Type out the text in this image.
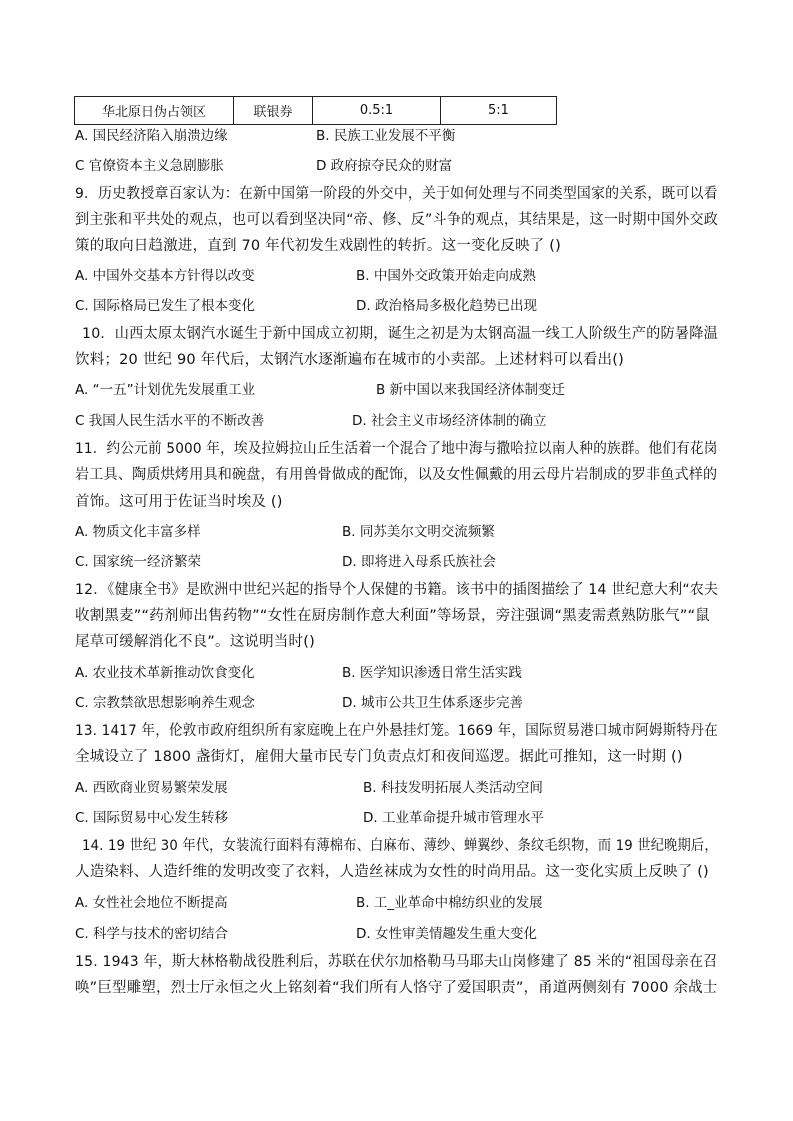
华北原日伪占领区	联银券	0.5:1	5:1
A. 国民经济陷入崩溃边缘	B. 民族工业发展不平衡
C 官僚资本主义急剧膨胀	D 政府掠夺民众的财富
9．历史教授章百家认为：在新中国第一阶段的外交中，关于如何处理与不同类型国家的关系，既可以看
到主张和平共处的观点，也可以看到坚决同“帝、修、反”斗争的观点，其结果是，这一时期中国外交政
策的取向日趋激进，直到 70 年代初发生戏剧性的转折。这一变化反映了 ()
A. 中国外交基本方针得以改变	B. 中国外交政策开始走向成熟
C. 国际格局已发生了根本变化	D. 政治格局多极化趋势已出现
10．山西太原太钢汽水诞生于新中国成立初期，诞生之初是为太钢高温一线工人阶级生产的防暑降温
饮料；20 世纪 90 年代后，太钢汽水逐渐遍布在城市的小卖部。上述材料可以看出()
A. “一五”计划优先发展重工业	B 新中国以来我国经济体制变迁
C 我国人民生活水平的不断改善	D. 社会主义市场经济体制的确立
11．约公元前 5000 年，埃及拉姆拉山丘生活着一个混合了地中海与撒哈拉以南人种的族群。他们有花岗
岩工具、陶质烘烤用具和碗盘，有用兽骨做成的配饰，以及女性佩戴的用云母片岩制成的罗非鱼式样的
首饰。这可用于佐证当时埃及 ()
A. 物质文化丰富多样	B. 同苏美尔文明交流频繁
C. 国家统一经济繁荣	D. 即将进入母系氏族社会
12．《健康全书》是欧洲中世纪兴起的指导个人保健的书籍。该书中的插图描绘了 14 世纪意大利“农夫
收割黑麦”“药剂师出售药物”“女性在厨房制作意大利面”等场景，旁注强调“黑麦需煮熟防胀气”“鼠
尾草可缓解消化不良”。这说明当时()
A. 农业技术革新推动饮食变化	B. 医学知识渗透日常生活实践
C. 宗教禁欲思想影响养生观念	D. 城市公共卫生体系逐步完善
13. 1417 年，伦敦市政府组织所有家庭晚上在户外悬挂灯笼。1669 年，国际贸易港口城市阿姆斯特丹在
全城设立了 1800 盏街灯，雇佣大量市民专门负责点灯和夜间巡逻。据此可推知，这一时期 ()
A. 西欧商业贸易繁荣发展	B. 科技发明拓展人类活动空间
C. 国际贸易中心发生转移	D. 工业革命提升城市管理水平
14. 19 世纪 30 年代，女装流行面料有薄棉布、白麻布、薄纱、蝉翼纱、条纹毛织物，而 19 世纪晚期后，
人造染料、人造纤维的发明改变了衣料，人造丝袜成为女性的时尚用品。这一变化实质上反映了 ()
A. 女性社会地位不断提高	B. 工_业革命中棉纺织业的发展
C. 科学与技术的密切结合	D. 女性审美情趣发生重大变化
15. 1943 年，斯大林格勒战役胜利后，苏联在伏尔加格勒马马耶夫山岗修建了 85 米的“祖国母亲在召
唤”巨型雕塑，烈士厅永恒之火上铭刻着“我们所有人恪守了爱国职责”，甬道两侧刻有 7000 余战士
